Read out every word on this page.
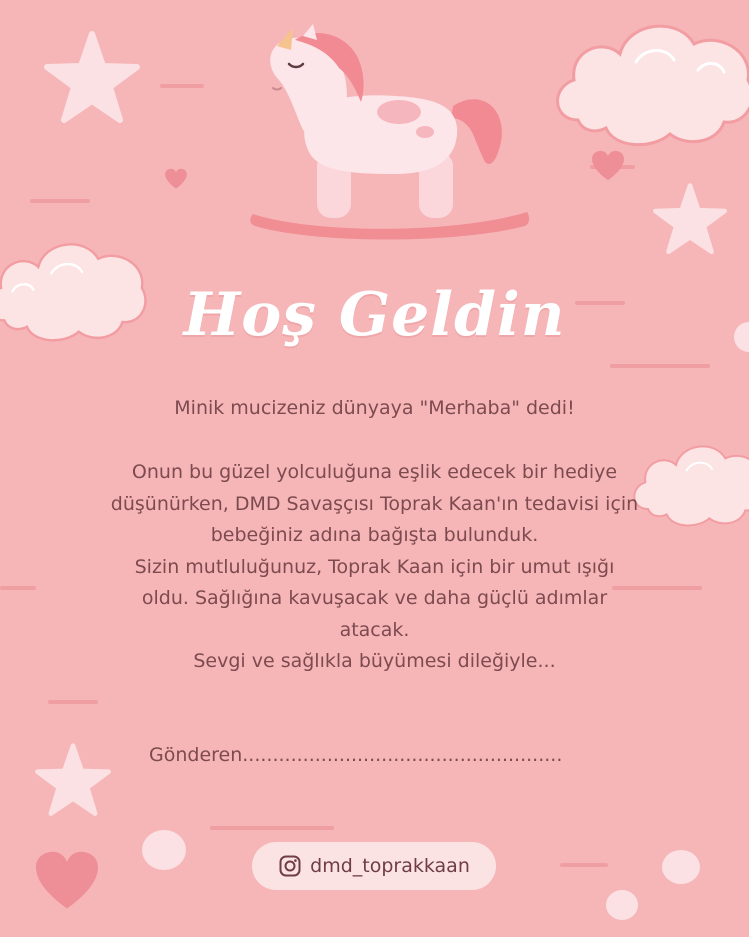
Hoş Geldin
Minik mucizeniz dünyaya "Merhaba" dedi!

Onun bu güzel yolculuğuna eşlik edecek bir hediye düşünürken, DMD Savaşçısı Toprak Kaan'ın tedavisi için bebeğiniz adına bağışta bulunduk.

Sizin mutluluğunuz, Toprak Kaan için bir umut ışığı oldu. Sağlığına kavuşacak ve daha güçlü adımlar atacak.

Sevgi ve sağlıkla büyümesi dileğiyle...

Gönderen.....................................................
dmd_toprakkaan
